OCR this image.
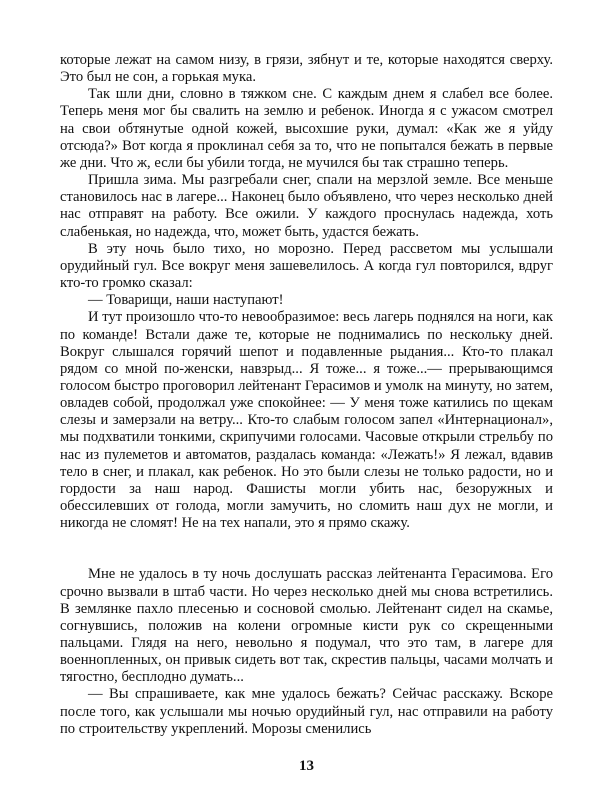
которые лежат на самом низу, в грязи, зябнут и те, которые находятся сверху. Это был не сон, а горькая мука.

Так шли дни, словно в тяжком сне. С каждым днем я слабел все более. Теперь меня мог бы свалить на землю и ребенок. Иногда я с ужасом смотрел на свои обтянутые одной кожей, высохшие руки, думал: «Как же я уйду отсюда?» Вот когда я проклинал себя за то, что не попытался бежать в первые же дни. Что ж, если бы убили тогда, не мучился бы так страшно теперь.

Пришла зима. Мы разгребали снег, спали на мерзлой земле. Все меньше становилось нас в лагере... Наконец было объявлено, что через несколько дней нас отправят на работу. Все ожили. У каждого проснулась надежда, хоть слабенькая, но надежда, что, может быть, удастся бежать.

В эту ночь было тихо, но морозно. Перед рассветом мы услышали орудийный гул. Все вокруг меня зашевелилось. А когда гул повторился, вдруг кто-то громко сказал:

— Товарищи, наши наступают!

И тут произошло что-то невообразимое: весь лагерь поднялся на ноги, как по команде! Встали даже те, которые не поднимались по нескольку дней. Вокруг слышался горячий шепот и подавленные рыдания... Кто-то плакал рядом со мной по-женски, навзрыд... Я тоже... я тоже...— прерывающимся голосом быстро проговорил лейтенант Герасимов и умолк на минуту, но затем, овладев собой, продолжал уже спокойнее: — У меня тоже катились по щекам слезы и замерзали на ветру... Кто-то слабым голосом запел «Интернационал», мы подхватили тонкими, скрипучими голосами. Часовые открыли стрельбу по нас из пулеметов и автоматов, раздалась команда: «Лежать!» Я лежал, вдавив тело в снег, и плакал, как ребенок. Но это были слезы не только радости, но и гордости за наш народ. Фашисты могли убить нас, безоружных и обессилевших от голода, могли замучить, но сломить наш дух не могли, и никогда не сломят! Не на тех напали, это я прямо скажу.

Мне не удалось в ту ночь дослушать рассказ лейтенанта Герасимова. Его срочно вызвали в штаб части. Но через несколько дней мы снова встретились. В землянке пахло плесенью и сосновой смолью. Лейтенант сидел на скамье, согнувшись, положив на колени огромные кисти рук со скрещенными пальцами. Глядя на него, невольно я подумал, что это там, в лагере для военнопленных, он привык сидеть вот так, скрестив пальцы, часами молчать и тягостно, бесплодно думать...

— Вы спрашиваете, как мне удалось бежать? Сейчас расскажу. Вскоре после того, как услышали мы ночью орудийный гул, нас отправили на работу по строительству укреплений. Морозы сменились

13
